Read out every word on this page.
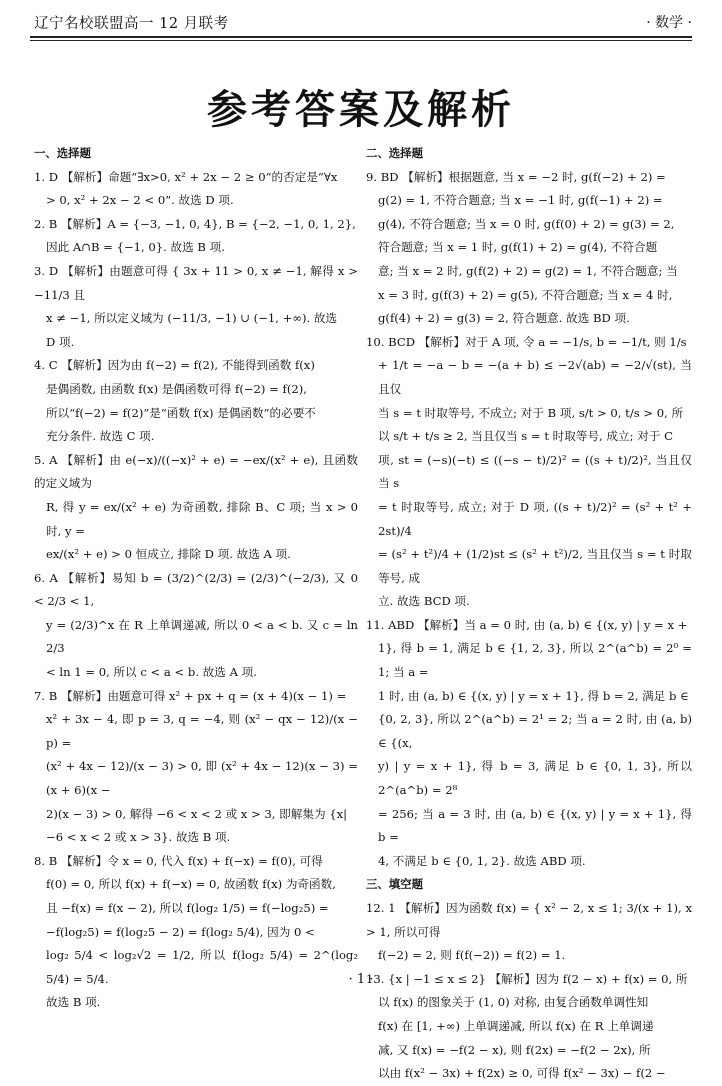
辽宁名校联盟高一 12 月联考	· 数学 ·
参考答案及解析
一、选择题
1. D 【解析】命题“∃x>0, x² + 2x − 2 ≥ 0”的否定是“∀x
> 0, x² + 2x − 2 < 0”. 故选 D 项.
2. B 【解析】A = {−3, −1, 0, 4}, B = {−2, −1, 0, 1, 2},
因此 A∩B = {−1, 0}. 故选 B 项.
3. D 【解析】由题意可得 { 3x + 11 > 0, x ≠ −1, 解得 x > −11/3 且
x ≠ −1, 所以定义域为 (−11/3, −1) ∪ (−1, +∞). 故选
D 项.
4. C 【解析】因为由 f(−2) = f(2), 不能得到函数 f(x)
是偶函数, 由函数 f(x) 是偶函数可得 f(−2) = f(2),
所以“f(−2) = f(2)”是“函数 f(x) 是偶函数”的必要不
充分条件. 故选 C 项.
5. A 【解析】由 e(−x)/((−x)² + e) = −ex/(x² + e), 且函数的定义域为
R, 得 y = ex/(x² + e) 为奇函数, 排除 B、C 项; 当 x > 0 时, y =
ex/(x² + e) > 0 恒成立, 排除 D 项. 故选 A 项.
6. A 【解析】易知 b = (3/2)^(2/3) = (2/3)^(−2/3), 又 0 < 2/3 < 1,
y = (2/3)^x 在 R 上单调递减, 所以 0 < a < b. 又 c = ln 2/3
< ln 1 = 0, 所以 c < a < b. 故选 A 项.
7. B 【解析】由题意可得 x² + px + q = (x + 4)(x − 1) =
x² + 3x − 4, 即 p = 3, q = −4, 则 (x² − qx − 12)/(x − p) =
(x² + 4x − 12)/(x − 3) > 0, 即 (x² + 4x − 12)(x − 3) = (x + 6)(x −
2)(x − 3) > 0, 解得 −6 < x < 2 或 x > 3, 即解集为 {x|
−6 < x < 2 或 x > 3}. 故选 B 项.
8. B 【解析】令 x = 0, 代入 f(x) + f(−x) = f(0), 可得
f(0) = 0, 所以 f(x) + f(−x) = 0, 故函数 f(x) 为奇函数,
且 −f(x) = f(x − 2), 所以 f(log₂ 1/5) = f(−log₂5) =
−f(log₂5) = f(log₂5 − 2) = f(log₂ 5/4), 因为 0 <
log₂ 5/4 < log₂√2 = 1/2, 所以 f(log₂ 5/4) = 2^(log₂ 5/4) = 5/4.
故选 B 项.
二、选择题
9. BD 【解析】根据题意, 当 x = −2 时, g(f(−2) + 2) =
g(2) = 1, 不符合题意; 当 x = −1 时, g(f(−1) + 2) =
g(4), 不符合题意; 当 x = 0 时, g(f(0) + 2) = g(3) = 2,
符合题意; 当 x = 1 时, g(f(1) + 2) = g(4), 不符合题
意; 当 x = 2 时, g(f(2) + 2) = g(2) = 1, 不符合题意; 当
x = 3 时, g(f(3) + 2) = g(5), 不符合题意; 当 x = 4 时,
g(f(4) + 2) = g(3) = 2, 符合题意. 故选 BD 项.
10. BCD 【解析】对于 A 项, 令 a = −1/s, b = −1/t, 则 1/s
+ 1/t = −a − b = −(a + b) ≤ −2√(ab) = −2/√(st), 当且仅
当 s = t 时取等号, 不成立; 对于 B 项, s/t > 0, t/s > 0, 所
以 s/t + t/s ≥ 2, 当且仅当 s = t 时取等号, 成立; 对于 C
项, st = (−s)(−t) ≤ ((−s − t)/2)² = ((s + t)/2)², 当且仅当 s
= t 时取等号, 成立; 对于 D 项, ((s + t)/2)² = (s² + t² + 2st)/4
= (s² + t²)/4 + (1/2)st ≤ (s² + t²)/2, 当且仅当 s = t 时取等号, 成
立. 故选 BCD 项.
11. ABD 【解析】当 a = 0 时, 由 (a, b) ∈ {(x, y) | y = x +
1}, 得 b = 1, 满足 b ∈ {1, 2, 3}, 所以 2^(a^b) = 2⁰ = 1; 当 a =
1 时, 由 (a, b) ∈ {(x, y) | y = x + 1}, 得 b = 2, 满足 b ∈
{0, 2, 3}, 所以 2^(a^b) = 2¹ = 2; 当 a = 2 时, 由 (a, b) ∈ {(x,
y) | y = x + 1}, 得 b = 3, 满足 b ∈ {0, 1, 3}, 所以 2^(a^b) = 2⁸
= 256; 当 a = 3 时, 由 (a, b) ∈ {(x, y) | y = x + 1}, 得 b =
4, 不满足 b ∈ {0, 1, 2}. 故选 ABD 项.
三、填空题
12. 1 【解析】因为函数 f(x) = { x² − 2, x ≤ 1; 3/(x + 1), x > 1, 所以可得
f(−2) = 2, 则 f(f(−2)) = f(2) = 1.
13. {x | −1 ≤ x ≤ 2} 【解析】因为 f(2 − x) + f(x) = 0, 所
以 f(x) 的图象关于 (1, 0) 对称, 由复合函数单调性知
f(x) 在 [1, +∞) 上单调递减, 所以 f(x) 在 R 上单调递
减, 又 f(x) = −f(2 − x), 则 f(2x) = −f(2 − 2x), 所
以由 f(x² − 3x) + f(2x) ≥ 0, 可得 f(x² − 3x) − f(2 −
· 1 ·
